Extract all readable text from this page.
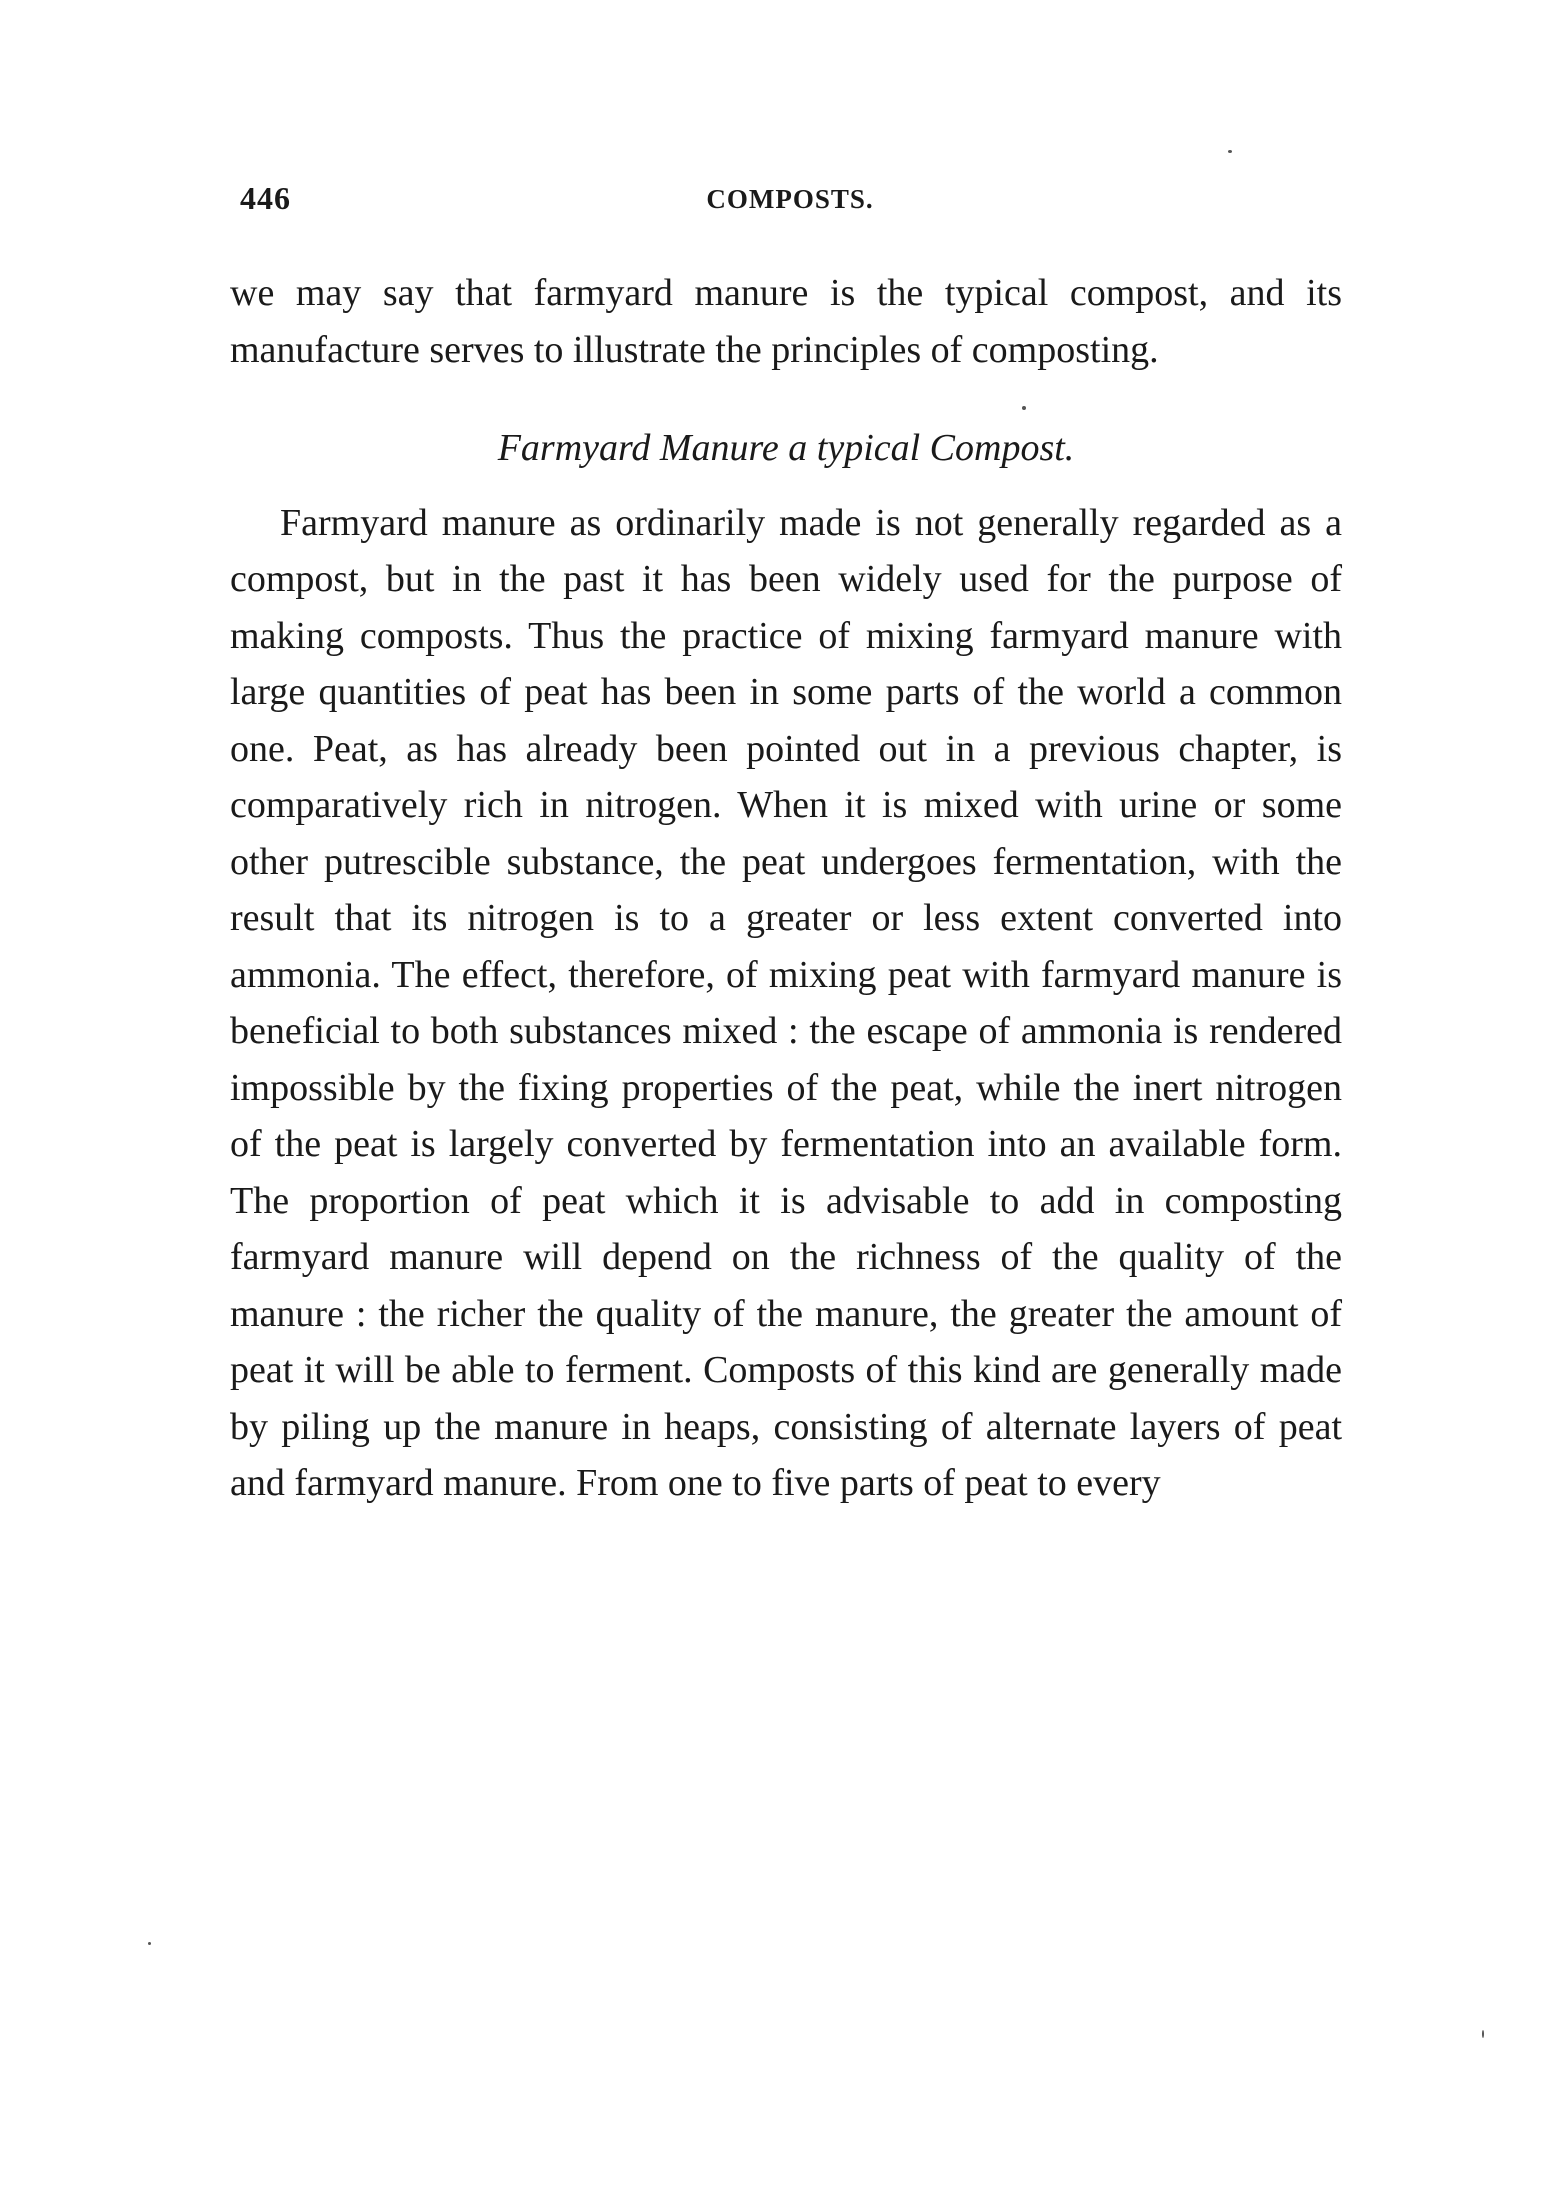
446	COMPOSTS.

we may say that farmyard manure is the typical compost, and its manufacture serves to illustrate the principles of composting.

Farmyard Manure a typical Compost.

Farmyard manure as ordinarily made is not generally regarded as a compost, but in the past it has been widely used for the purpose of making composts. Thus the practice of mixing farmyard manure with large quantities of peat has been in some parts of the world a common one. Peat, as has already been pointed out in a previous chapter, is comparatively rich in nitrogen. When it is mixed with urine or some other putrescible substance, the peat undergoes fermentation, with the result that its nitrogen is to a greater or less extent converted into ammonia. The effect, therefore, of mixing peat with farmyard manure is beneficial to both substances mixed : the escape of ammonia is rendered impossible by the fixing properties of the peat, while the inert nitrogen of the peat is largely converted by fermentation into an available form. The proportion of peat which it is advisable to add in composting farmyard manure will depend on the richness of the quality of the manure : the richer the quality of the manure, the greater the amount of peat it will be able to ferment. Composts of this kind are generally made by piling up the manure in heaps, consisting of alternate layers of peat and farmyard manure. From one to five parts of peat to every
